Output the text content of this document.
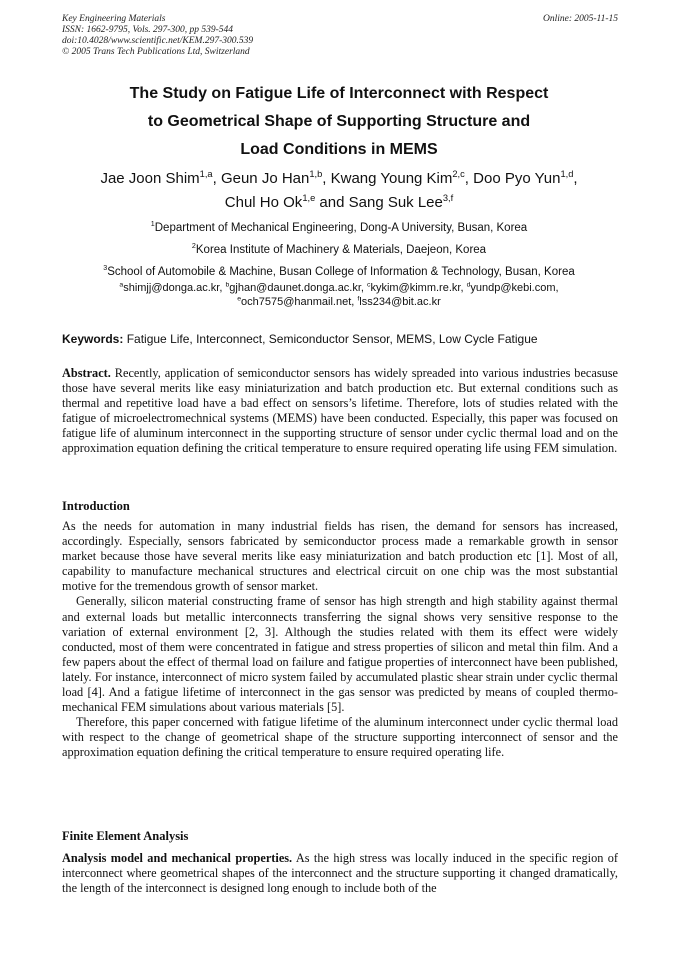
Key Engineering Materials
ISSN: 1662-9795, Vols. 297-300, pp 539-544
doi:10.4028/www.scientific.net/KEM.297-300.539
© 2005 Trans Tech Publications Ltd, Switzerland
Online: 2005-11-15
The Study on Fatigue Life of Interconnect with Respect
to Geometrical Shape of Supporting Structure and
Load Conditions in MEMS
Jae Joon Shim$^{1,a}$, Geun Jo Han$^{1,b}$, Kwang Young Kim$^{2,c}$, Doo Pyo Yun$^{1,d}$,
Chul Ho Ok$^{1,e}$ and Sang Suk Lee$^{3,f}$
$^1$Department of Mechanical Engineering, Dong-A University, Busan, Korea
$^2$Korea Institute of Machinery & Materials, Daejeon, Korea
$^3$School of Automobile & Machine, Busan College of Information & Technology, Busan, Korea
$^a$shimjj@donga.ac.kr, $^b$gjhan@daunet.donga.ac.kr, $^c$kykim@kimm.re.kr, $^d$yundp@kebi.com,
$^e$och7575@hanmail.net, $^f$lss234@bit.ac.kr
Keywords: Fatigue Life, Interconnect, Semiconductor Sensor, MEMS, Low Cycle Fatigue

Abstract. Recently, application of semiconductor sensors has widely spreaded into various industries becasuse those have several merits like easy miniaturization and batch production etc. But external conditions such as thermal and repetitive load have a bad effect on sensors’s lifetime. Therefore, lots of studies related with the fatigue of microelectromechnical systems (MEMS) have been conducted. Especially, this paper was focused on fatigue life of aluminum interconnect in the supporting structure of sensor under cyclic thermal load and on the approximation equation defining the critical temperature to ensure required operating life using FEM simulation.

Introduction

As the needs for automation in many industrial fields has risen, the demand for sensors has increased, accordingly. Especially, sensors fabricated by semiconductor process made a remarkable growth in sensor market because those have several merits like easy miniaturization and batch production etc [1]. Most of all, capability to manufacture mechanical structures and electrical circuit on one chip was the most substantial motive for the tremendous growth of sensor market.

Generally, silicon material constructing frame of sensor has high strength and high stability against thermal and external loads but metallic interconnects transferring the signal shows very sensitive response to the variation of external environment [2, 3]. Although the studies related with them its effect were widely conducted, most of them were concentrated in fatigue and stress properties of silicon and metal thin film. And a few papers about the effect of thermal load on failure and fatigue properties of interconnect have been published, lately. For instance, interconnect of micro system failed by accumulated plastic shear strain under cyclic thermal load [4]. And a fatigue lifetime of interconnect in the gas sensor was predicted by means of coupled thermo-mechanical FEM simulations about various materials [5].

Therefore, this paper concerned with fatigue lifetime of the aluminum interconnect under cyclic thermal load with respect to the change of geometrical shape of the structure supporting interconnect of sensor and the approximation equation defining the critical temperature to ensure required operating life.

Finite Element Analysis

Analysis model and mechanical properties. As the high stress was locally induced in the specific region of interconnect where geometrical shapes of the interconnect and the structure supporting it changed dramatically, the length of the interconnect is designed long enough to include both of the
